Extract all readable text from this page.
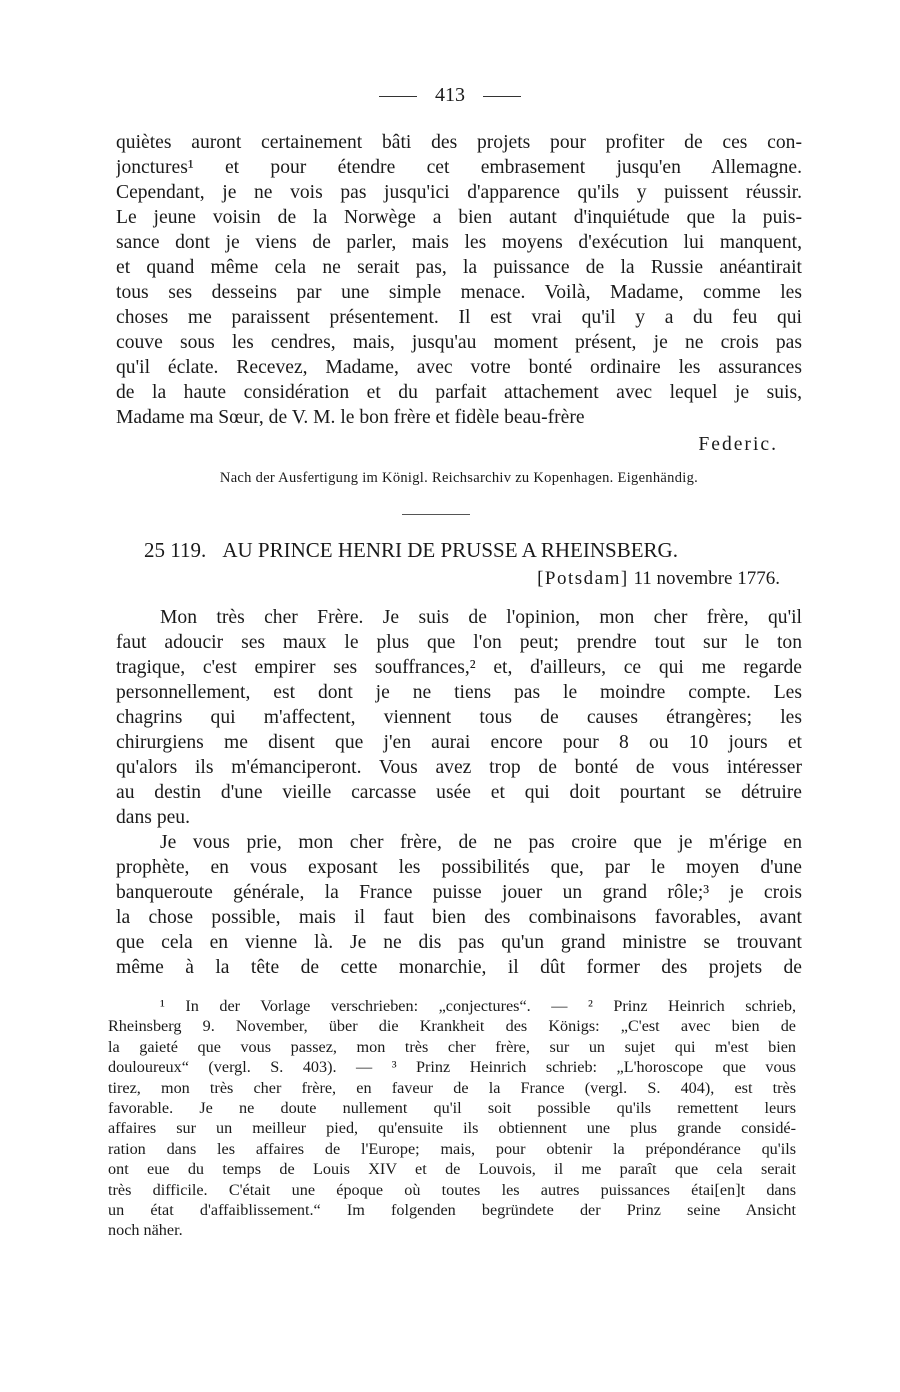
413
quiètes auront certainement bâti des projets pour profiter de ces con-
jonctures¹ et pour étendre cet embrasement jusqu'en Allemagne.
Cependant, je ne vois pas jusqu'ici d'apparence qu'ils y puissent réussir.
Le jeune voisin de la Norwège a bien autant d'inquiétude que la puis-
sance dont je viens de parler, mais les moyens d'exécution lui manquent,
et quand même cela ne serait pas, la puissance de la Russie anéantirait
tous ses desseins par une simple menace. Voilà, Madame, comme les
choses me paraissent présentement. Il est vrai qu'il y a du feu qui
couve sous les cendres, mais, jusqu'au moment présent, je ne crois pas
qu'il éclate. Recevez, Madame, avec votre bonté ordinaire les assurances
de la haute considération et du parfait attachement avec lequel je suis,
Madame ma Sœur, de V. M. le bon frère et fidèle beau-frère
Federic.
Nach der Ausfertigung im Königl. Reichsarchiv zu Kopenhagen. Eigenhändig.
25 119. AU PRINCE HENRI DE PRUSSE A RHEINSBERG.
[Potsdam] 11 novembre 1776.
Mon très cher Frère. Je suis de l'opinion, mon cher frère, qu'il
faut adoucir ses maux le plus que l'on peut; prendre tout sur le ton
tragique, c'est empirer ses souffrances,² et, d'ailleurs, ce qui me regarde
personnellement, est dont je ne tiens pas le moindre compte. Les
chagrins qui m'affectent, viennent tous de causes étrangères; les
chirurgiens me disent que j'en aurai encore pour 8 ou 10 jours et
qu'alors ils m'émanciperont. Vous avez trop de bonté de vous intéresser
au destin d'une vieille carcasse usée et qui doit pourtant se détruire
dans peu.
Je vous prie, mon cher frère, de ne pas croire que je m'érige en
prophète, en vous exposant les possibilités que, par le moyen d'une
banqueroute générale, la France puisse jouer un grand rôle;³ je crois
la chose possible, mais il faut bien des combinaisons favorables, avant
que cela en vienne là. Je ne dis pas qu'un grand ministre se trouvant
même à la tête de cette monarchie, il dût former des projets de
¹ In der Vorlage verschrieben: „conjectures“. — ² Prinz Heinrich schrieb,
Rheinsberg 9. November, über die Krankheit des Königs: „C'est avec bien de
la gaieté que vous passez, mon très cher frère, sur un sujet qui m'est bien
douloureux“ (vergl. S. 403). — ³ Prinz Heinrich schrieb: „L'horoscope que vous
tirez, mon très cher frère, en faveur de la France (vergl. S. 404), est très
favorable. Je ne doute nullement qu'il soit possible qu'ils remettent leurs
affaires sur un meilleur pied, qu'ensuite ils obtiennent une plus grande considé-
ration dans les affaires de l'Europe; mais, pour obtenir la prépondérance qu'ils
ont eue du temps de Louis XIV et de Louvois, il me paraît que cela serait
très difficile. C'était une époque où toutes les autres puissances étai[en]t dans
un état d'affaiblissement.“ Im folgenden begründete der Prinz seine Ansicht
noch näher.
